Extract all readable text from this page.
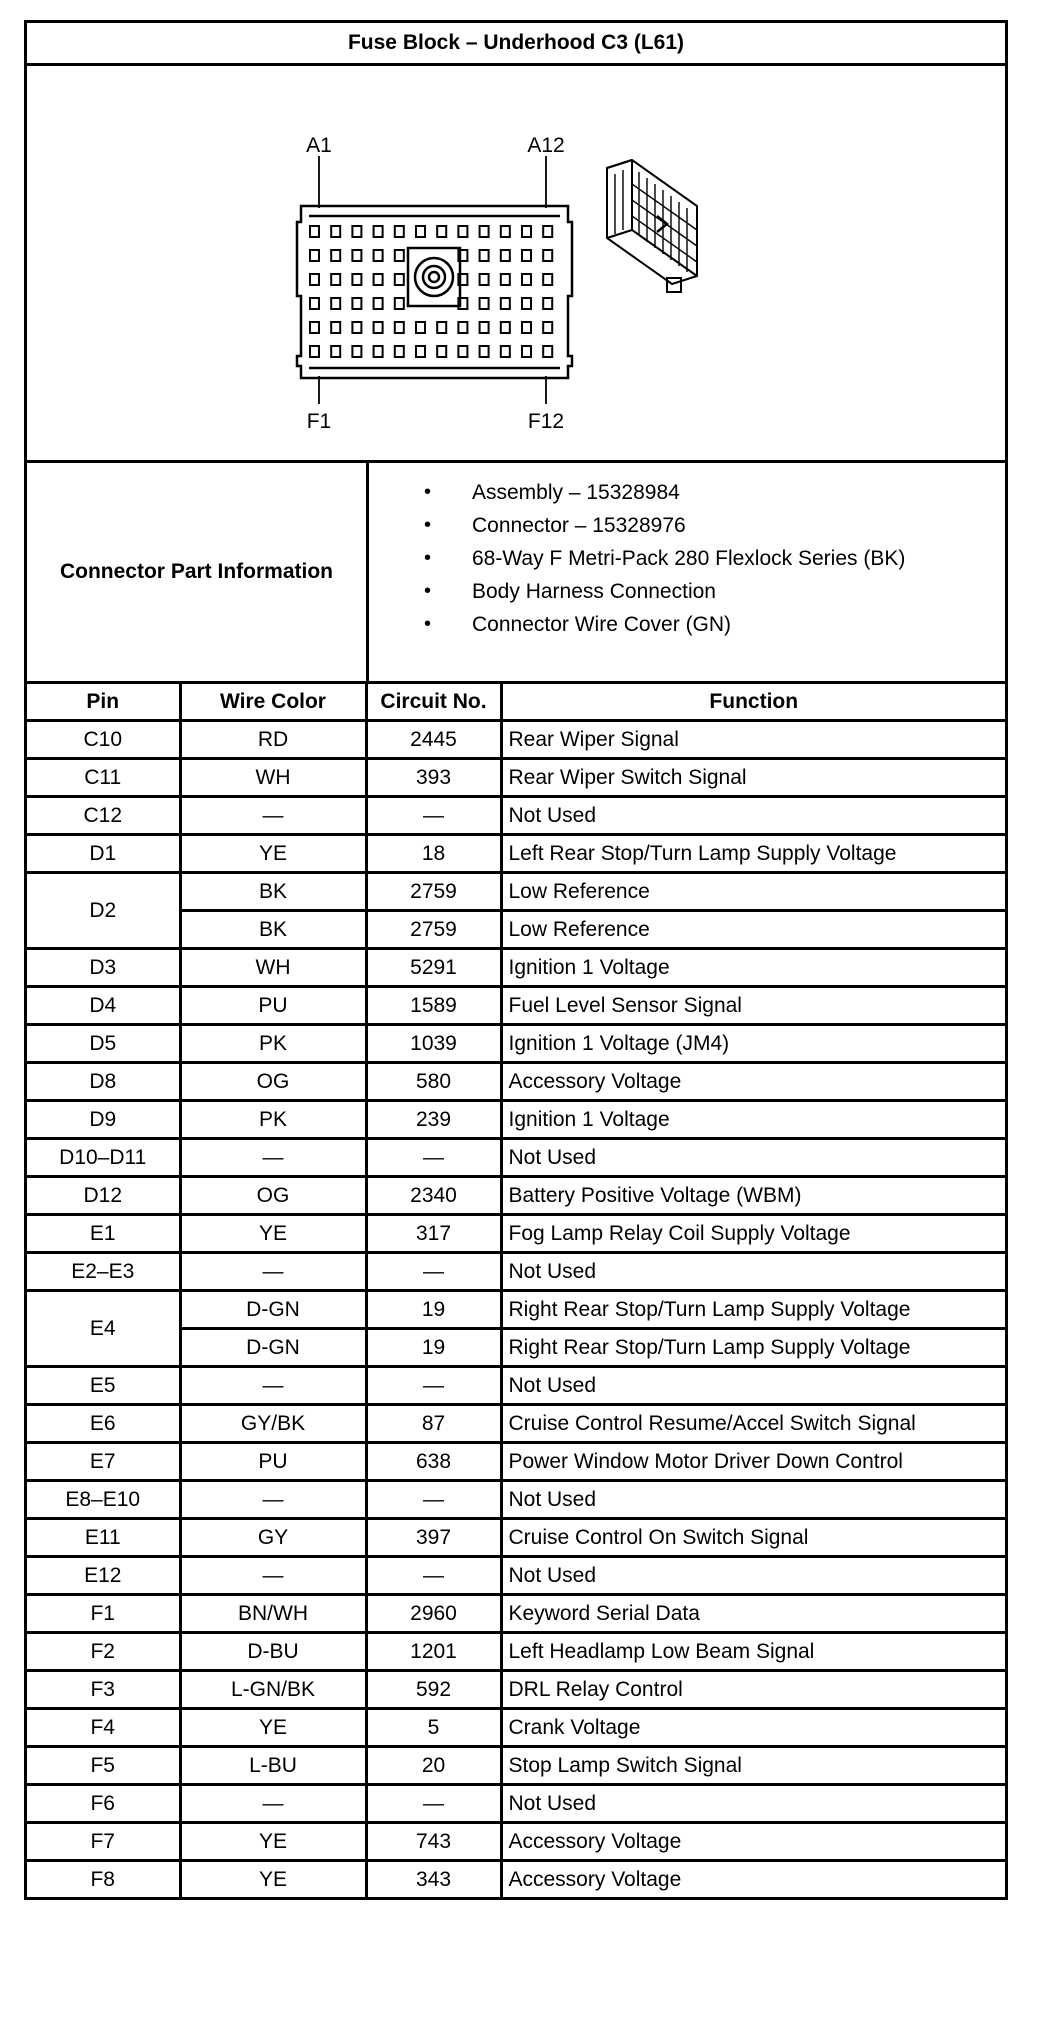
Fuse Block – Underhood C3 (L61)
A1	A12
F1	F12
Connector Part Information
• Assembly – 15328984
• Connector – 15328976
• 68-Way F Metri-Pack 280 Flexlock Series (BK)
• Body Harness Connection
• Connector Wire Cover (GN)
Pin	Wire Color	Circuit No.	Function
C10	RD	2445	Rear Wiper Signal
C11	WH	393	Rear Wiper Switch Signal
C12	—	—	Not Used
D1	YE	18	Left Rear Stop/Turn Lamp Supply Voltage
D2	BK	2759	Low Reference
	BK	2759	Low Reference
D3	WH	5291	Ignition 1 Voltage
D4	PU	1589	Fuel Level Sensor Signal
D5	PK	1039	Ignition 1 Voltage (JM4)
D8	OG	580	Accessory Voltage
D9	PK	239	Ignition 1 Voltage
D10–D11	—	—	Not Used
D12	OG	2340	Battery Positive Voltage (WBM)
E1	YE	317	Fog Lamp Relay Coil Supply Voltage
E2–E3	—	—	Not Used
E4	D-GN	19	Right Rear Stop/Turn Lamp Supply Voltage
	D-GN	19	Right Rear Stop/Turn Lamp Supply Voltage
E5	—	—	Not Used
E6	GY/BK	87	Cruise Control Resume/Accel Switch Signal
E7	PU	638	Power Window Motor Driver Down Control
E8–E10	—	—	Not Used
E11	GY	397	Cruise Control On Switch Signal
E12	—	—	Not Used
F1	BN/WH	2960	Keyword Serial Data
F2	D-BU	1201	Left Headlamp Low Beam Signal
F3	L-GN/BK	592	DRL Relay Control
F4	YE	5	Crank Voltage
F5	L-BU	20	Stop Lamp Switch Signal
F6	—	—	Not Used
F7	YE	743	Accessory Voltage
F8	YE	343	Accessory Voltage
